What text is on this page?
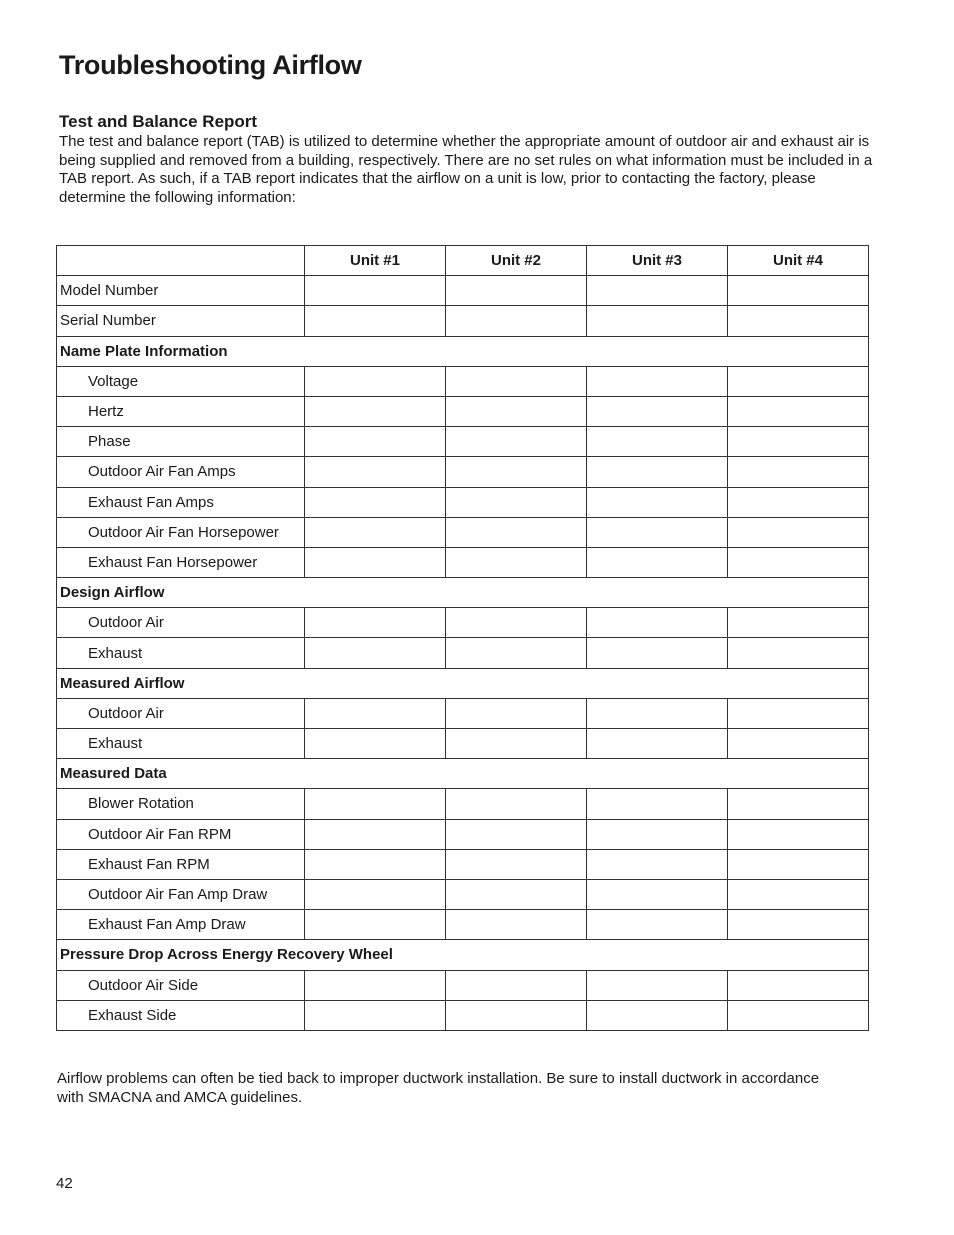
Troubleshooting Airflow
Test and Balance Report

The test and balance report (TAB) is utilized to determine whether the appropriate amount of outdoor air and exhaust air is being supplied and removed from a building, respectively. There are no set rules on what information must be included in a TAB report. As such, if a TAB report indicates that the airflow on a unit is low, prior to contacting the factory, please determine the following information:

	Unit #1	Unit #2	Unit #3	Unit #4
Model Number				
Serial Number				
Name Plate Information				
Voltage				
Hertz				
Phase				
Outdoor Air Fan Amps				
Exhaust Fan Amps				
Outdoor Air Fan Horsepower				
Exhaust Fan Horsepower				
Design Airflow				
Outdoor Air				
Exhaust				
Measured Airflow				
Outdoor Air				
Exhaust				
Measured Data				
Blower Rotation				
Outdoor Air Fan RPM				
Exhaust Fan RPM				
Outdoor Air Fan Amp Draw				
Exhaust Fan Amp Draw				
Pressure Drop Across Energy Recovery Wheel				
Outdoor Air Side				
Exhaust Side				

Airflow problems can often be tied back to improper ductwork installation. Be sure to install ductwork in accordance with SMACNA and AMCA guidelines.

42
